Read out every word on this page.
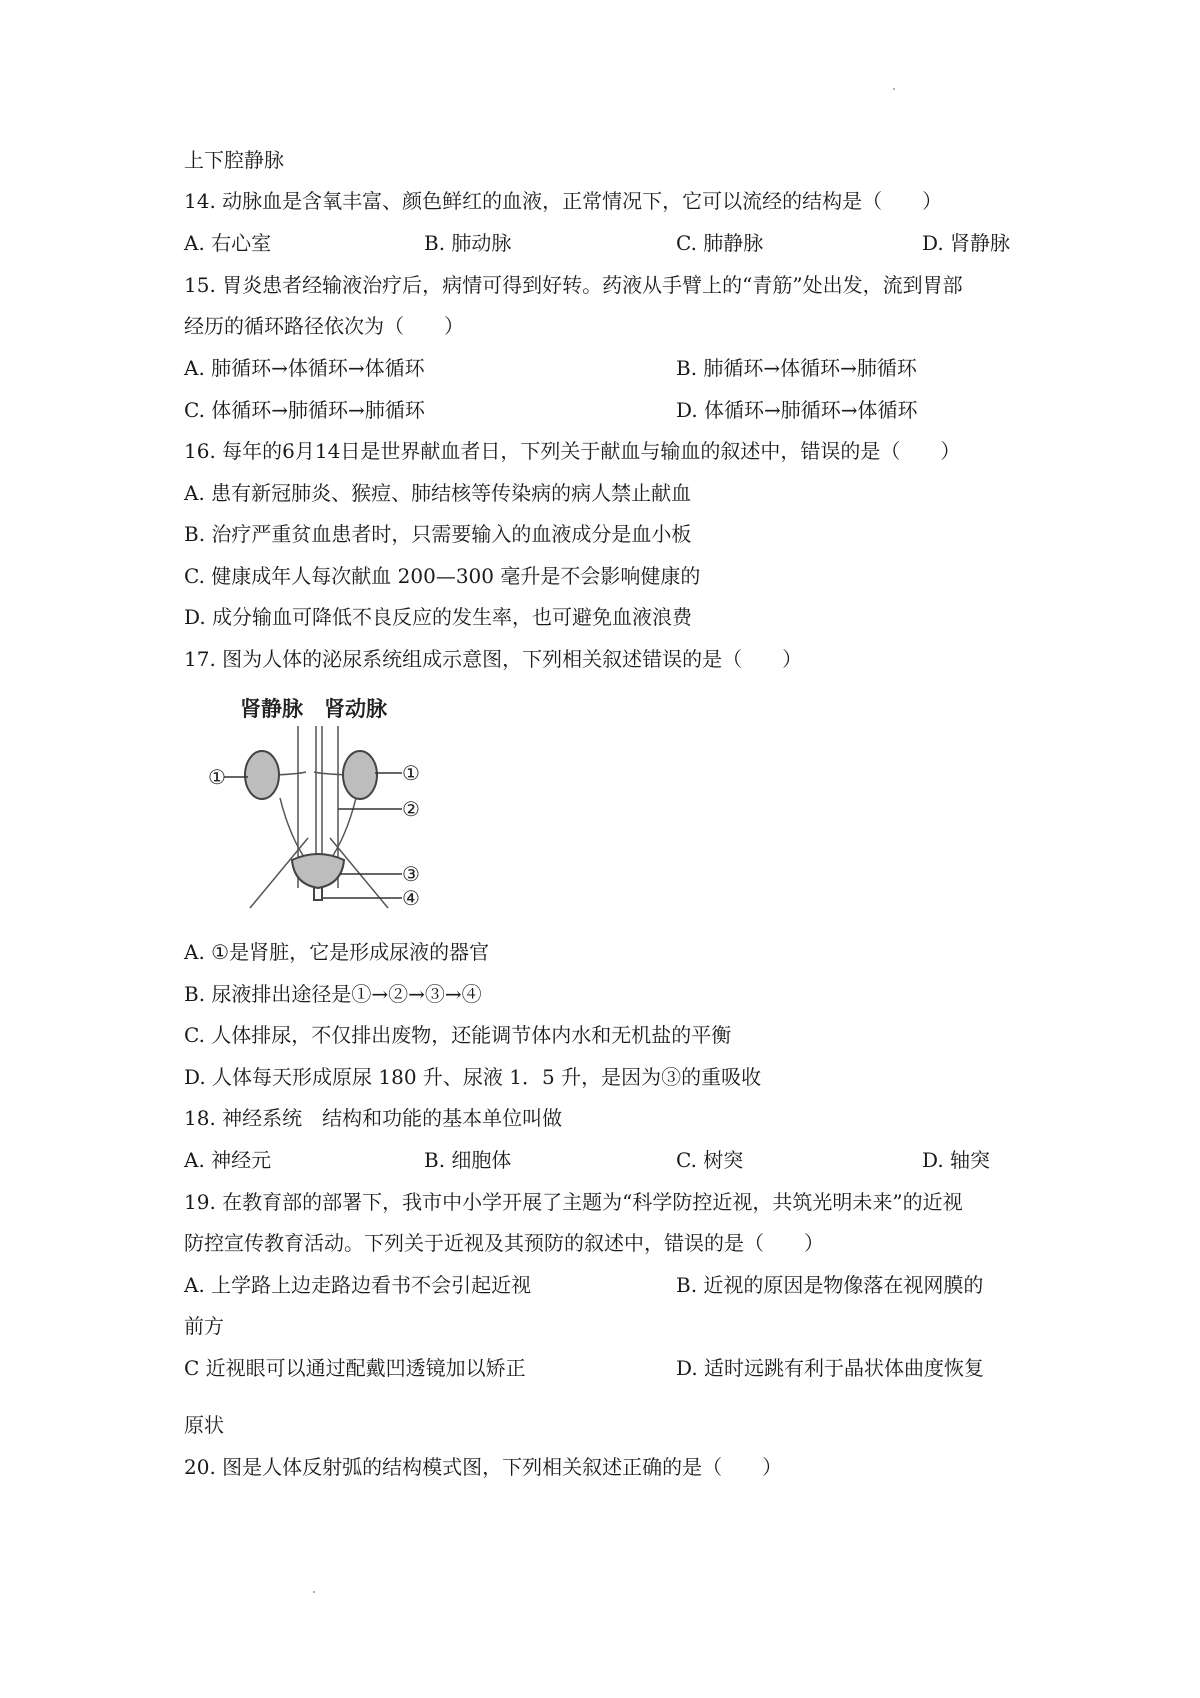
上下腔静脉
14. 动脉血是含氧丰富、颜色鲜红的血液，正常情况下，它可以流经的结构是（　　）
A. 右心室	B. 肺动脉	C. 肺静脉	D. 肾静脉
15. 胃炎患者经输液治疗后，病情可得到好转。药液从手臂上的“青筋”处出发，流到胃部
经历的循环路径依次为（　　）
A. 肺循环→体循环→体循环	B. 肺循环→体循环→肺循环
C. 体循环→肺循环→肺循环	D. 体循环→肺循环→体循环
16. 每年的6月14日是世界献血者日，下列关于献血与输血的叙述中，错误的是（　　）
A. 患有新冠肺炎、猴痘、肺结核等传染病的病人禁止献血
B. 治疗严重贫血患者时，只需要输入的血液成分是血小板
C. 健康成年人每次献血 200—300 毫升是不会影响健康的
D. 成分输血可降低不良反应的发生率，也可避免血液浪费
17. 图为人体的泌尿系统组成示意图，下列相关叙述错误的是（　　）
肾静脉 肾动脉
①	①
②
③
④
A. ①是肾脏，它是形成尿液的器官
B. 尿液排出途径是①→②→③→④
C. 人体排尿，不仅排出废物，还能调节体内水和无机盐的平衡
D. 人体每天形成原尿 180 升、尿液 1．5 升，是因为③的重吸收
18. 神经系统　结构和功能的基本单位叫做
A. 神经元	B. 细胞体	C. 树突	D. 轴突
19. 在教育部的部署下，我市中小学开展了主题为“科学防控近视，共筑光明未来”的近视
防控宣传教育活动。下列关于近视及其预防的叙述中，错误的是（　　）
A. 上学路上边走路边看书不会引起近视	B. 近视的原因是物像落在视网膜的
前方
C 近视眼可以通过配戴凹透镜加以矫正	D. 适时远跳有利于晶状体曲度恢复
原状
20. 图是人体反射弧的结构模式图，下列相关叙述正确的是（　　）
